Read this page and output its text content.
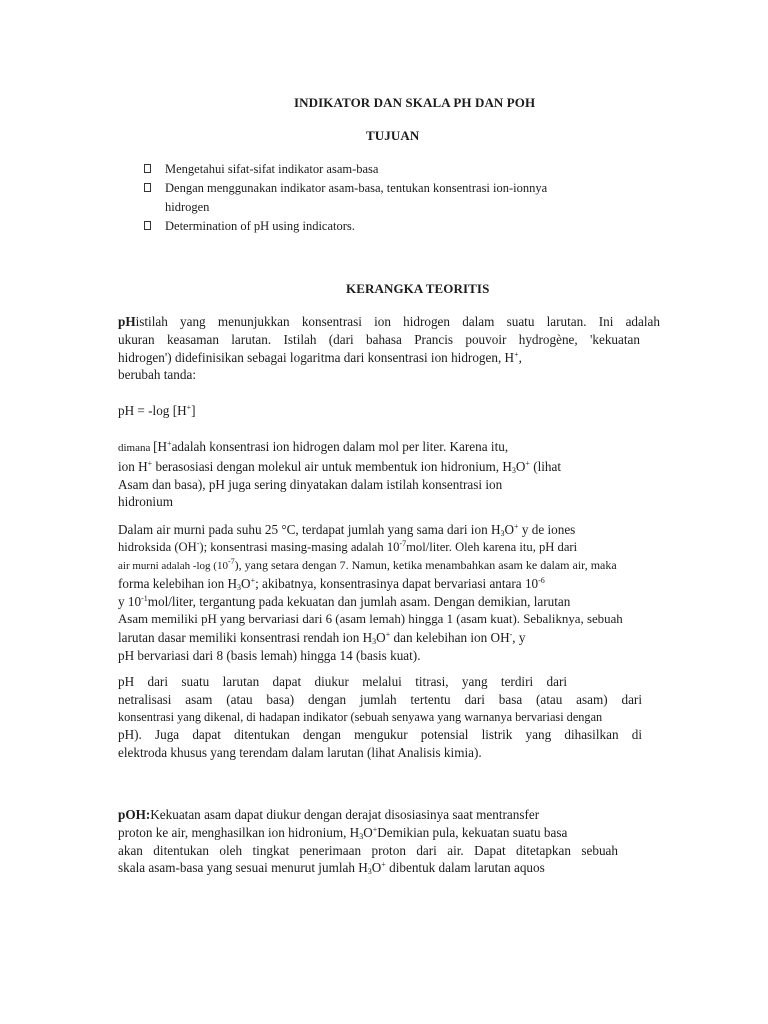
INDIKATOR DAN SKALA PH DAN POH
TUJUAN
Mengetahui sifat-sifat indikator asam-basa
Dengan menggunakan indikator asam-basa, tentukan konsentrasi ion-ionnya
hidrogen
Determination of pH using indicators.
KERANGKA TEORITIS
pHistilah yang menunjukkan konsentrasi ion hidrogen dalam suatu larutan. Ini adalah
ukuran keasaman larutan. Istilah (dari bahasa Prancis pouvoir hydrogène, 'kekuatan
hidrogen') didefinisikan sebagai logaritma dari konsentrasi ion hidrogen, H+,
berubah tanda:
pH = -log [H+]
dimana [H+adalah konsentrasi ion hidrogen dalam mol per liter. Karena itu,
ion H+ berasosiasi dengan molekul air untuk membentuk ion hidronium, $H_3O^+$ (lihat
Asam dan basa), pH juga sering dinyatakan dalam istilah konsentrasi ion
hidronium
Dalam air murni pada suhu 25 °C, terdapat jumlah yang sama dari ion $H_3O^+$ y de iones
hidroksida (OH-); konsentrasi masing-masing adalah $10^{-7}mol$/liter. Oleh karena itu, pH dari
air murni adalah -log $(10^{-7})$, yang setara dengan 7. Namun, ketika menambahkan asam ke dalam air, maka
forma kelebihan ion $H_3O^+$; akibatnya, konsentrasinya dapat bervariasi antara $10^{-6}$
y $10^{-1}mol$/liter, tergantung pada kekuatan dan jumlah asam. Dengan demikian, larutan
Asam memiliki pH yang bervariasi dari 6 (asam lemah) hingga 1 (asam kuat). Sebaliknya, sebuah
larutan dasar memiliki konsentrasi rendah ion $H_3O^+$ dan kelebihan ion OH-, y
pH bervariasi dari 8 (basis lemah) hingga 14 (basis kuat).
pH dari suatu larutan dapat diukur melalui titrasi, yang terdiri dari
netralisasi asam (atau basa) dengan jumlah tertentu dari basa (atau asam) dari
konsentrasi yang dikenal, di hadapan indikator (sebuah senyawa yang warnanya bervariasi dengan
pH). Juga dapat ditentukan dengan mengukur potensial listrik yang dihasilkan di
elektroda khusus yang terendam dalam larutan (lihat Analisis kimia).
pOH:Kekuatan asam dapat diukur dengan derajat disosiasinya saat mentransfer
proton ke air, menghasilkan ion hidronium, $H_3O^+Demikian$ pula, kekuatan suatu basa
akan ditentukan oleh tingkat penerimaan proton dari air. Dapat ditetapkan sebuah
skala asam-basa yang sesuai menurut jumlah $H_3O^+$ dibentuk dalam larutan aquos
